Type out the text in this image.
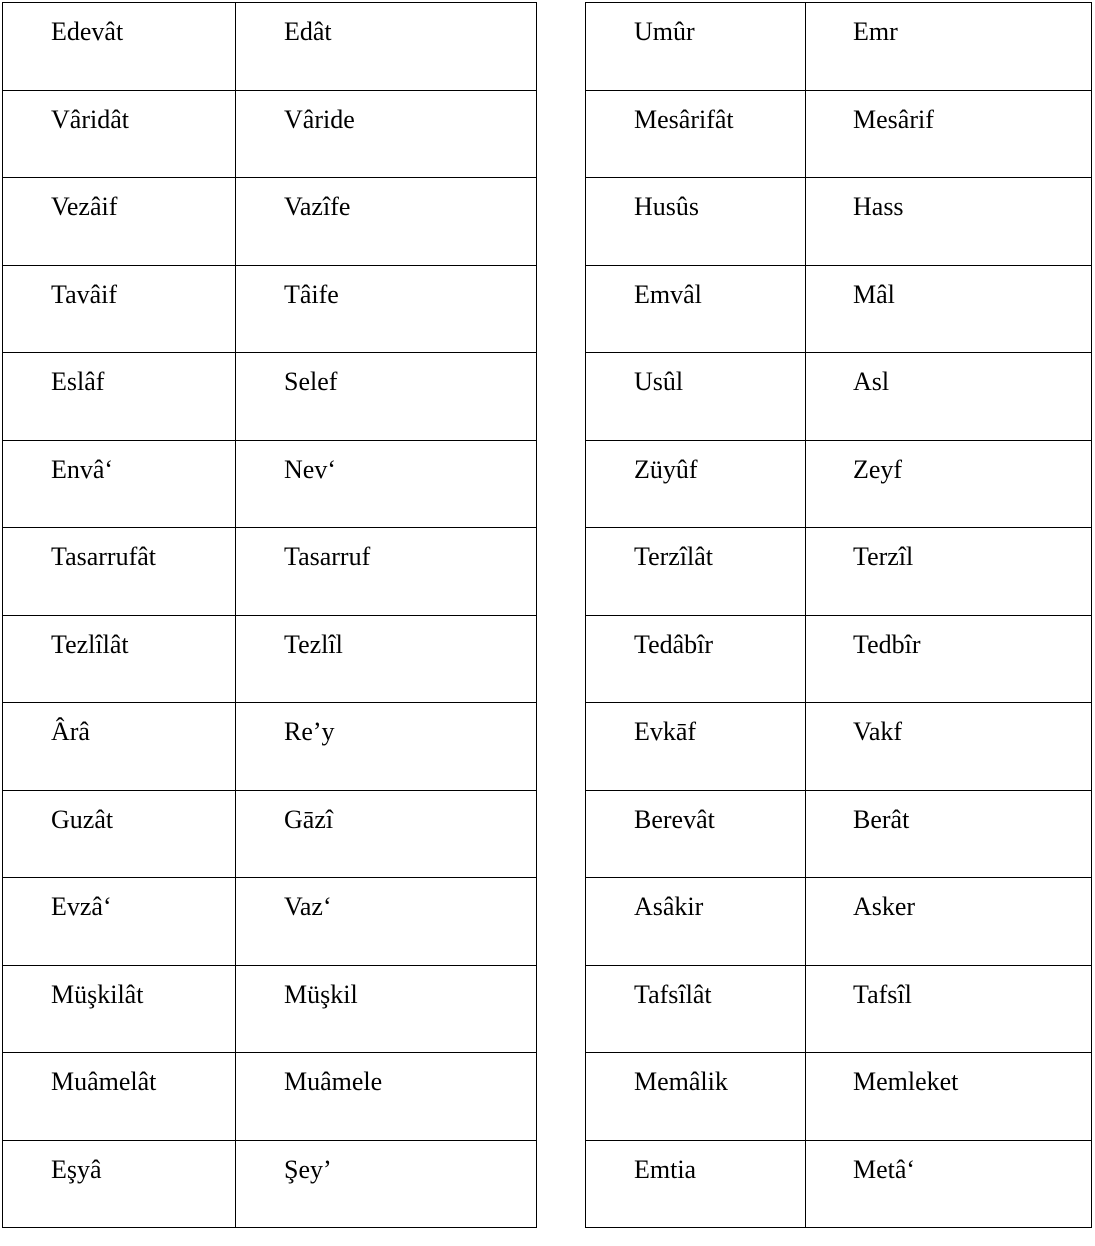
Edevât	Edât

Vâridât	Vâride

Vezâif	Vazîfe

Tavâif	Tâife

Eslâf	Selef

Envâ‘	Nev‘

Tasarrufât	Tasarruf

Tezlîlât	Tezlîl

Ârâ	Re’y

Guzât	Gāzî

Evzâ‘	Vaz‘

Müşkilât	Müşkil

Muâmelât	Muâmele

Eşyâ	Şey’
Umûr	Emr

Mesârifât	Mesârif

Husûs	Hass

Emvâl	Mâl

Usûl	Asl

Züyûf	Zeyf

Terzîlât	Terzîl

Tedâbîr	Tedbîr

Evkāf	Vakf

Berevât	Berât

Asâkir	Asker

Tafsîlât	Tafsîl

Memâlik	Memleket

Emtia	Metâ‘
